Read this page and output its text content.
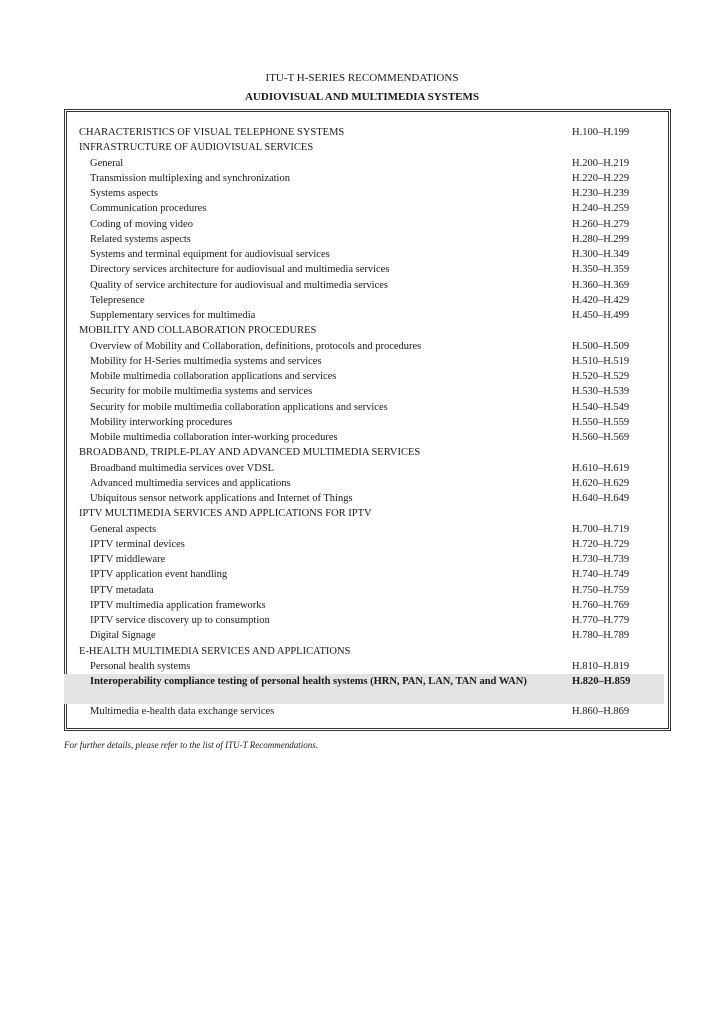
ITU-T H-SERIES RECOMMENDATIONS
AUDIOVISUAL AND MULTIMEDIA SYSTEMS
CHARACTERISTICS OF VISUAL TELEPHONE SYSTEMS	H.100–H.199
INFRASTRUCTURE OF AUDIOVISUAL SERVICES
General	H.200–H.219
Transmission multiplexing and synchronization	H.220–H.229
Systems aspects	H.230–H.239
Communication procedures	H.240–H.259
Coding of moving video	H.260–H.279
Related systems aspects	H.280–H.299
Systems and terminal equipment for audiovisual services	H.300–H.349
Directory services architecture for audiovisual and multimedia services	H.350–H.359
Quality of service architecture for audiovisual and multimedia services	H.360–H.369
Telepresence	H.420–H.429
Supplementary services for multimedia	H.450–H.499
MOBILITY AND COLLABORATION PROCEDURES
Overview of Mobility and Collaboration, definitions, protocols and procedures	H.500–H.509
Mobility for H-Series multimedia systems and services	H.510–H.519
Mobile multimedia collaboration applications and services	H.520–H.529
Security for mobile multimedia systems and services	H.530–H.539
Security for mobile multimedia collaboration applications and services	H.540–H.549
Mobility interworking procedures	H.550–H.559
Mobile multimedia collaboration inter-working procedures	H.560–H.569
BROADBAND, TRIPLE-PLAY AND ADVANCED MULTIMEDIA SERVICES
Broadband multimedia services over VDSL	H.610–H.619
Advanced multimedia services and applications	H.620–H.629
Ubiquitous sensor network applications and Internet of Things	H.640–H.649
IPTV MULTIMEDIA SERVICES AND APPLICATIONS FOR IPTV
General aspects	H.700–H.719
IPTV terminal devices	H.720–H.729
IPTV middleware	H.730–H.739
IPTV application event handling	H.740–H.749
IPTV metadata	H.750–H.759
IPTV multimedia application frameworks	H.760–H.769
IPTV service discovery up to consumption	H.770–H.779
Digital Signage	H.780–H.789
E-HEALTH MULTIMEDIA SERVICES AND APPLICATIONS
Personal health systems	H.810–H.819
Interoperability compliance testing of personal health systems (HRN, PAN, LAN, TAN and WAN)	H.820–H.859
Multimedia e-health data exchange services	H.860–H.869
For further details, please refer to the list of ITU-T Recommendations.
